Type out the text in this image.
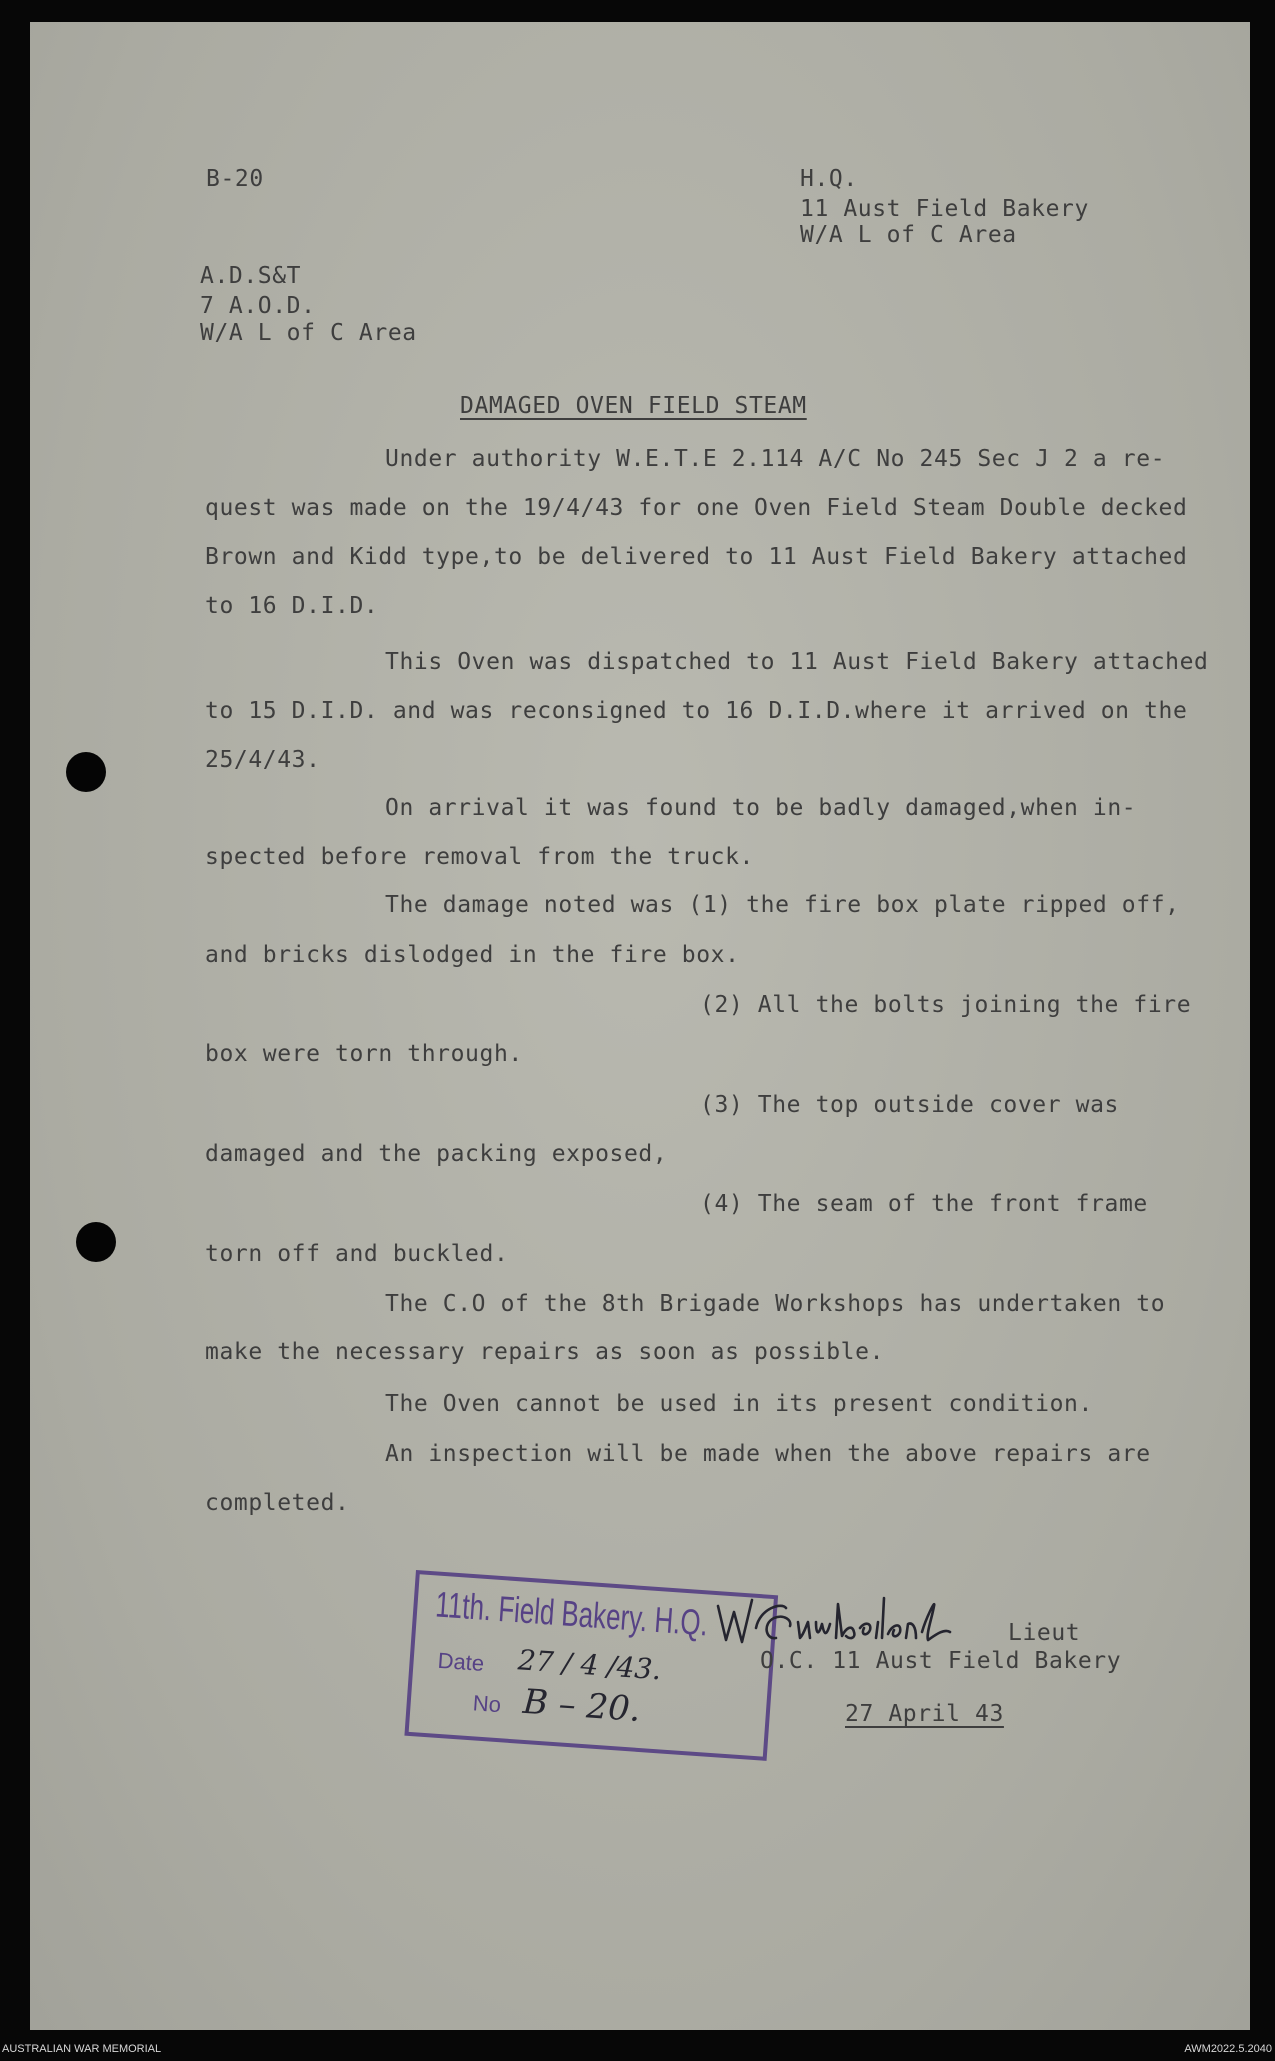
B-20	H.Q.
11 Aust Field Bakery
W/A L of C Area
A.D.S&T
7 A.O.D.
W/A L of C Area
DAMAGED OVEN FIELD STEAM
Under authority W.E.T.E 2.114 A/C No 245 Sec J 2 a re-
quest was made on the 19/4/43 for one Oven Field Steam Double decked
Brown and Kidd type,to be delivered to 11 Aust Field Bakery attached
to 16 D.I.D.
This Oven was dispatched to 11 Aust Field Bakery attached
to 15 D.I.D. and was reconsigned to 16 D.I.D.where it arrived on the
25/4/43.
On arrival it was found to be badly damaged,when in-
spected before removal from the truck.
The damage noted was (1) the fire box plate ripped off,
and bricks dislodged in the fire box.
(2) All the bolts joining the fire
box were torn through.
(3) The top outside cover was
damaged and the packing exposed,
(4) The seam of the front frame
torn off and buckled.
The C.O of the 8th Brigade Workshops has undertaken to
make the necessary repairs as soon as possible.
The Oven cannot be used in its present condition.
An inspection will be made when the above repairs are
completed.
11th. Field Bakery. H.Q.
Date
No
27 / 4 /43.
B – 20.
Lieut
O.C. 11 Aust Field Bakery
27 April 43
AUSTRALIAN WAR MEMORIAL	AWM2022.5.2040
